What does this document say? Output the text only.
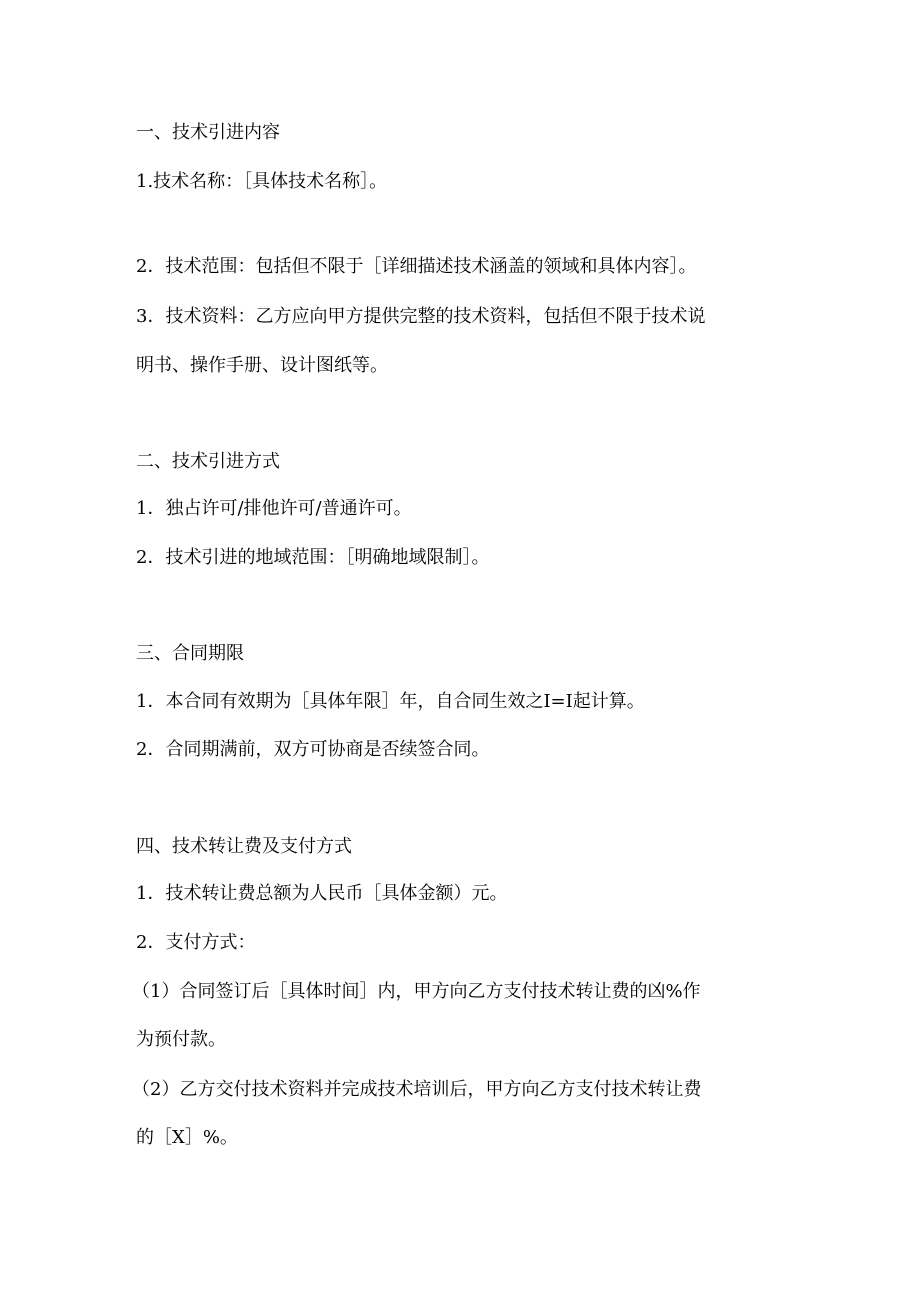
一、技术引进内容

1.技术名称：［具体技术名称］。

2．技术范围：包括但不限于［详细描述技术涵盖的领域和具体内容］。

3．技术资料：乙方应向甲方提供完整的技术资料，包括但不限于技术说

明书、操作手册、设计图纸等。

二、技术引进方式

1．独占许可/排他许可/普通许可。

2．技术引进的地域范围：［明确地域限制］。

三、合同期限

1．本合同有效期为［具体年限］年，自合同生效之I=I起计算。

2．合同期满前，双方可协商是否续签合同。

四、技术转让费及支付方式

1．技术转让费总额为人民币［具体金额）元。

2．支付方式：

（1）合同签订后［具体时间］内，甲方向乙方支付技术转让费的凶%作

为预付款。

（2）乙方交付技术资料并完成技术培训后，甲方向乙方支付技术转让费

的［X］%。
